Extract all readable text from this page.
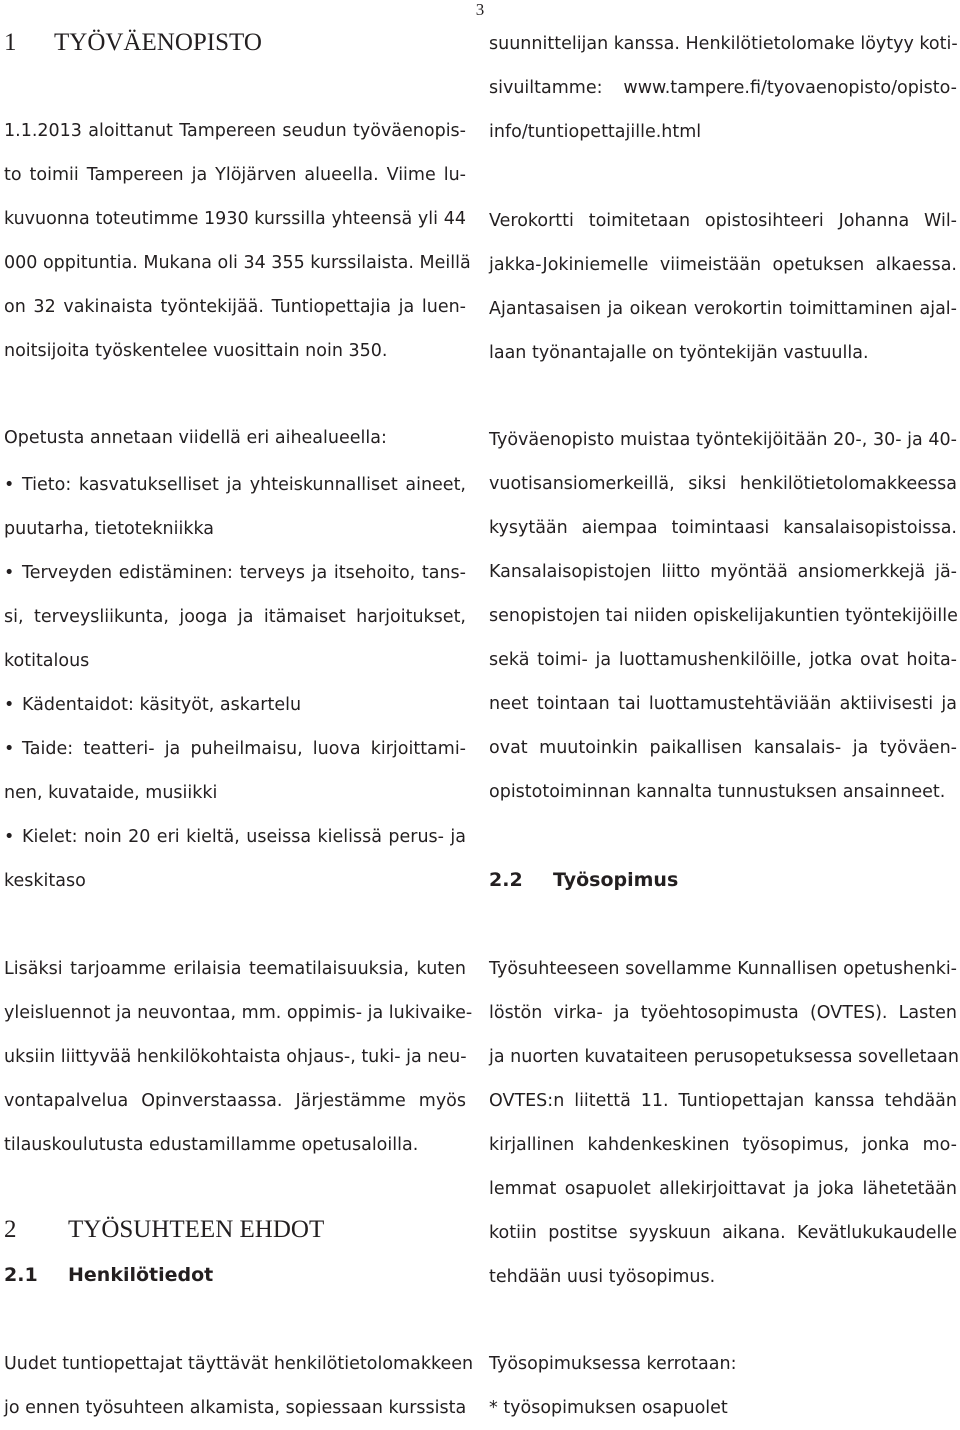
3
1 TYÖVÄENOPISTO
1.1.2013 aloittanut Tampereen seudun työväenopis-
to toimii Tampereen ja Ylöjärven alueella. Viime lu-
kuvuonna toteutimme 1930 kurssilla yhteensä yli 44
000 oppituntia. Mukana oli 34 355 kurssilaista. Meillä
on 32 vakinaista työntekijää. Tuntiopettajia ja luen-
noitsijoita työskentelee vuosittain noin 350.
Opetusta annetaan viidellä eri aihealueella:
• Tieto: kasvatukselliset ja yhteiskunnalliset aineet,
puutarha, tietotekniikka
• Terveyden edistäminen: terveys ja itsehoito, tans-
si, terveysliikunta, jooga ja itämaiset harjoitukset,
kotitalous
• Kädentaidot: käsityöt, askartelu
• Taide: teatteri- ja puheilmaisu, luova kirjoittami-
nen, kuvataide, musiikki
• Kielet: noin 20 eri kieltä, useissa kielissä perus- ja
keskitaso
Lisäksi tarjoamme erilaisia teematilaisuuksia, kuten
yleisluennot ja neuvontaa, mm. oppimis- ja lukivaike-
uksiin liittyvää henkilökohtaista ohjaus-, tuki- ja neu-
vontapalvelua Opinverstaassa. Järjestämme myös
tilauskoulutusta edustamillamme opetusaloilla.
2 TYÖSUHTEEN EHDOT
2.1 Henkilötiedot
Uudet tuntiopettajat täyttävät henkilötietolomakkeen
jo ennen työsuhteen alkamista, sopiessaan kurssista
suunnittelijan kanssa. Henkilötietolomake löytyy koti-
sivuiltamme: www.tampere.fi/tyovaenopisto/opisto-
info/tuntiopettajille.html
Verokortti toimitetaan opistosihteeri Johanna Wil-
jakka-Jokiniemelle viimeistään opetuksen alkaessa.
Ajantasaisen ja oikean verokortin toimittaminen ajal-
laan työnantajalle on työntekijän vastuulla.
Työväenopisto muistaa työntekijöitään 20-, 30- ja 40-
vuotisansiomerkeillä, siksi henkilötietolomakkeessa
kysytään aiempaa toimintaasi kansalaisopistoissa.
Kansalaisopistojen liitto myöntää ansiomerkkejä jä-
senopistojen tai niiden opiskelijakuntien työntekijöille
sekä toimi- ja luottamushenkilöille, jotka ovat hoita-
neet tointaan tai luottamustehtäviään aktiivisesti ja
ovat muutoinkin paikallisen kansalais- ja työväen-
opistotoiminnan kannalta tunnustuksen ansainneet.
2.2 Työsopimus
Työsuhteeseen sovellamme Kunnallisen opetushenki-
löstön virka- ja työehtosopimusta (OVTES). Lasten
ja nuorten kuvataiteen perusopetuksessa sovelletaan
OVTES:n liitettä 11. Tuntiopettajan kanssa tehdään
kirjallinen kahdenkeskinen työsopimus, jonka mo-
lemmat osapuolet allekirjoittavat ja joka lähetetään
kotiin postitse syyskuun aikana. Kevätlukukaudelle
tehdään uusi työsopimus.
Työsopimuksessa kerrotaan:
* työsopimuksen osapuolet
